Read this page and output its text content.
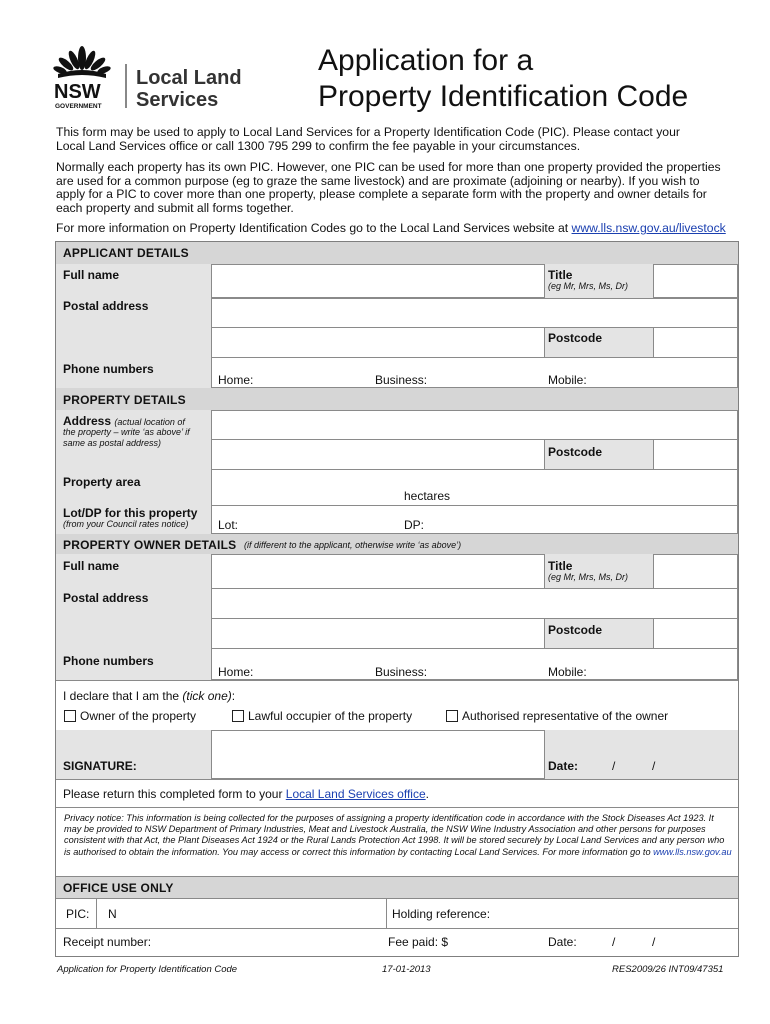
NSW
GOVERNMENT
Local Land
Services
Application for a
Property Identification Code
This form may be used to apply to Local Land Services for a Property Identification Code (PIC). Please contact your
Local Land Services office or call 1300 795 299 to confirm the fee payable in your circumstances.
Normally each property has its own PIC. However, one PIC can be used for more than one property provided the properties
are used for a common purpose (eg to graze the same livestock) and are proximate (adjoining or nearby). If you wish to
apply for a PIC to cover more than one property, please complete a separate form with the property and owner details for
each property and submit all forms together.
For more information on Property Identification Codes go to the Local Land Services website at www.lls.nsw.gov.au/livestock
APPLICANT DETAILS
Full name	Title
(eg Mr, Mrs, Ms, Dr)
Postal address
Postcode
Phone numbers
Home:	Business:	Mobile:
PROPERTY DETAILS
Address (actual location of
the property – write ‘as above’ if
same as postal address)
Postcode
Property area
hectares
Lot/DP for this property
(from your Council rates notice) Lot:	DP:
PROPERTY OWNER DETAILS (if different to the applicant, otherwise write ‘as above’)
Full name	Title
(eg Mr, Mrs, Ms, Dr)
Postal address
Postcode
Phone numbers
Home:	Business:	Mobile:
I declare that I am the (tick one):
Owner of the property	Lawful occupier of the property	Authorised representative of the owner
SIGNATURE:	Date:	/	/
Please return this completed form to your Local Land Services office.
Privacy notice: This information is being collected for the purposes of assigning a property identification code in accordance with the Stock Diseases Act 1923. It may be provided to NSW Department of Primary Industries, Meat and Livestock Australia, the NSW Wine Industry Association and other persons for purposes consistent with that Act, the Plant Diseases Act 1924 or the Rural Lands Protection Act 1998. It will be stored securely by Local Land Services and any person who is authorised to obtain the information. You may access or correct this information by contacting Local Land Services. For more information go to www.lls.nsw.gov.au
OFFICE USE ONLY
PIC: N	Holding reference:
Receipt number:	Fee paid: $	Date:	/	/
Application for Property Identification Code	17-01-2013	RES2009/26 INT09/47351
